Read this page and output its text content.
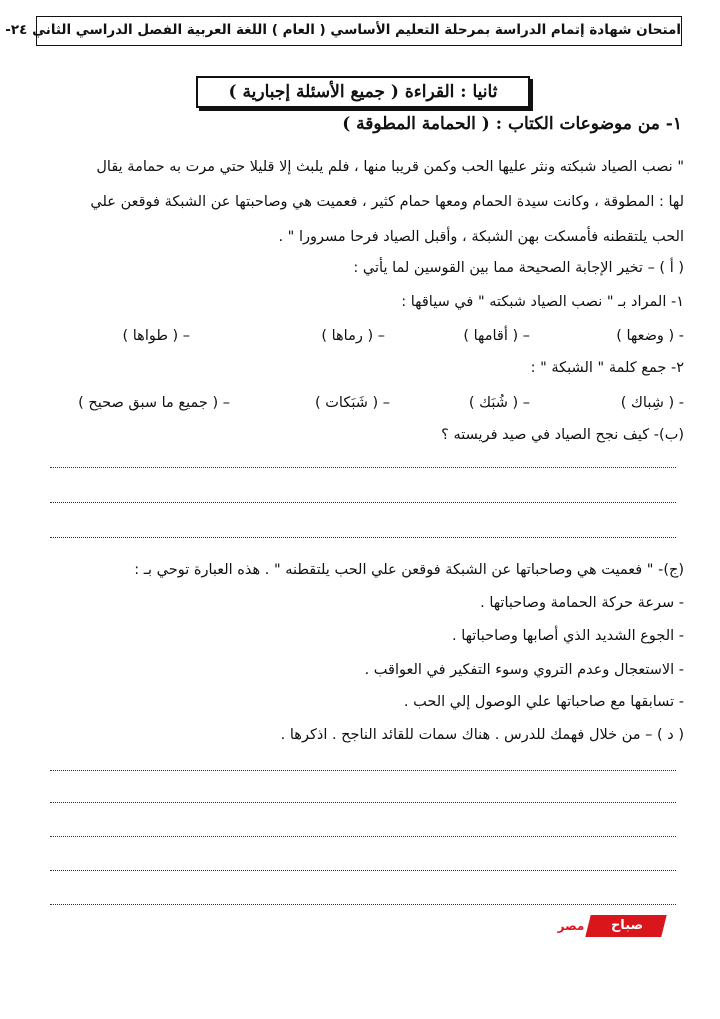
امتحان شهادة إتمام الدراسة بمرحلة التعليم الأساسي ( العام ) اللغة العربية الفصل الدراسي الثاني ٢٤-
ثانيا : القراءة ( جميع الأسئلة إجبارية )
١- من موضوعات الكتاب : ( الحمامة المطوقة )
" نصب الصياد شبكته ونثر عليها الحب وكمن قريبا منها ، فلم يلبث إلا قليلا حتي مرت به حمامة يقال
لها : المطوقة ، وكانت سيدة الحمام ومعها حمام كثير ، فعميت هي وصاحبتها عن الشبكة فوقعن علي
الحب يلتقطنه فأمسكت بهن الشبكة ، وأقبل الصياد فرحا مسرورا " .
( أ ) – تخير الإجابة الصحيحة مما بين القوسين لما يأتي :
١- المراد بـ " نصب الصياد شبكته " في سياقها :
- ( وضعها )
– ( أقامها )
– ( رماها )
– ( طواها )
٢- جمع كلمة " الشبكة " :
- ( شِباك )
– ( شُبَك )
– ( شَبَكات )
– ( جميع ما سبق صحيح )
(ب)- كيف نجح الصياد في صيد فريسته ؟
(ج)- " فعميت هي وصاحباتها عن الشبكة فوقعن علي الحب يلتقطنه " . هذه العبارة توحي بـ :
- سرعة حركة الحمامة وصاحباتها .
- الجوع الشديد الذي أصابها وصاحباتها .
- الاستعجال وعدم التروي وسوء التفكير في العواقب .
- تسابقها مع صاحباتها علي الوصول إلي الحب .
( د ) – من خلال فهمك للدرس . هناك سمات للقائد الناجح . اذكرها .
صباح
مصر
